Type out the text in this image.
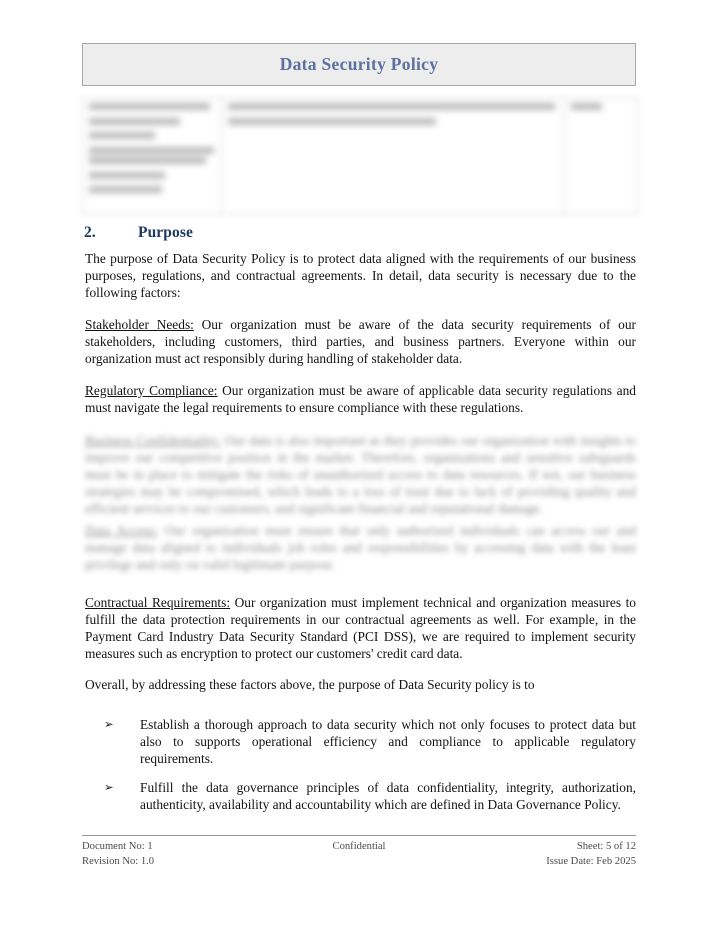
Data Security Policy
2.	Purpose
The purpose of Data Security Policy is to protect data aligned with the requirements of our business purposes, regulations, and contractual agreements. In detail, data security is necessary due to the following factors:
Stakeholder Needs: Our organization must be aware of the data security requirements of our stakeholders, including customers, third parties, and business partners. Everyone within our organization must act responsibly during handling of stakeholder data.
Regulatory Compliance: Our organization must be aware of applicable data security regulations and must navigate the legal requirements to ensure compliance with these regulations.
Business Confidentiality: Our data is also important as they provides our organization with insights to improve our competitive position in the market. Therefore, organizations and sensitive safeguards must be in place to mitigate the risks of unauthorized access to data resources. If not, our business strategies may be compromised, which leads to a loss of trust due to lack of providing quality and efficient services to our customers, and significant financial and reputational damage.
Data Access: Our organization must ensure that only authorized individuals can access our and manage data aligned to individuals job roles and responsibilities by accessing data with the least privilege and only on valid legitimate purpose.
Contractual Requirements: Our organization must implement technical and organization measures to fulfill the data protection requirements in our contractual agreements as well. For example, in the Payment Card Industry Data Security Standard (PCI DSS), we are required to implement security measures such as encryption to protect our customers' credit card data.
Overall, by addressing these factors above, the purpose of Data Security policy is to
➢	Establish a thorough approach to data security which not only focuses to protect data but also to supports operational efficiency and compliance to applicable regulatory requirements.
➢	Fulfill the data governance principles of data confidentiality, integrity, authorization, authenticity, availability and accountability which are defined in Data Governance Policy.
Document No: 1
Revision No: 1.0
Confidential	Sheet: 5 of 12
Issue Date: Feb 2025
